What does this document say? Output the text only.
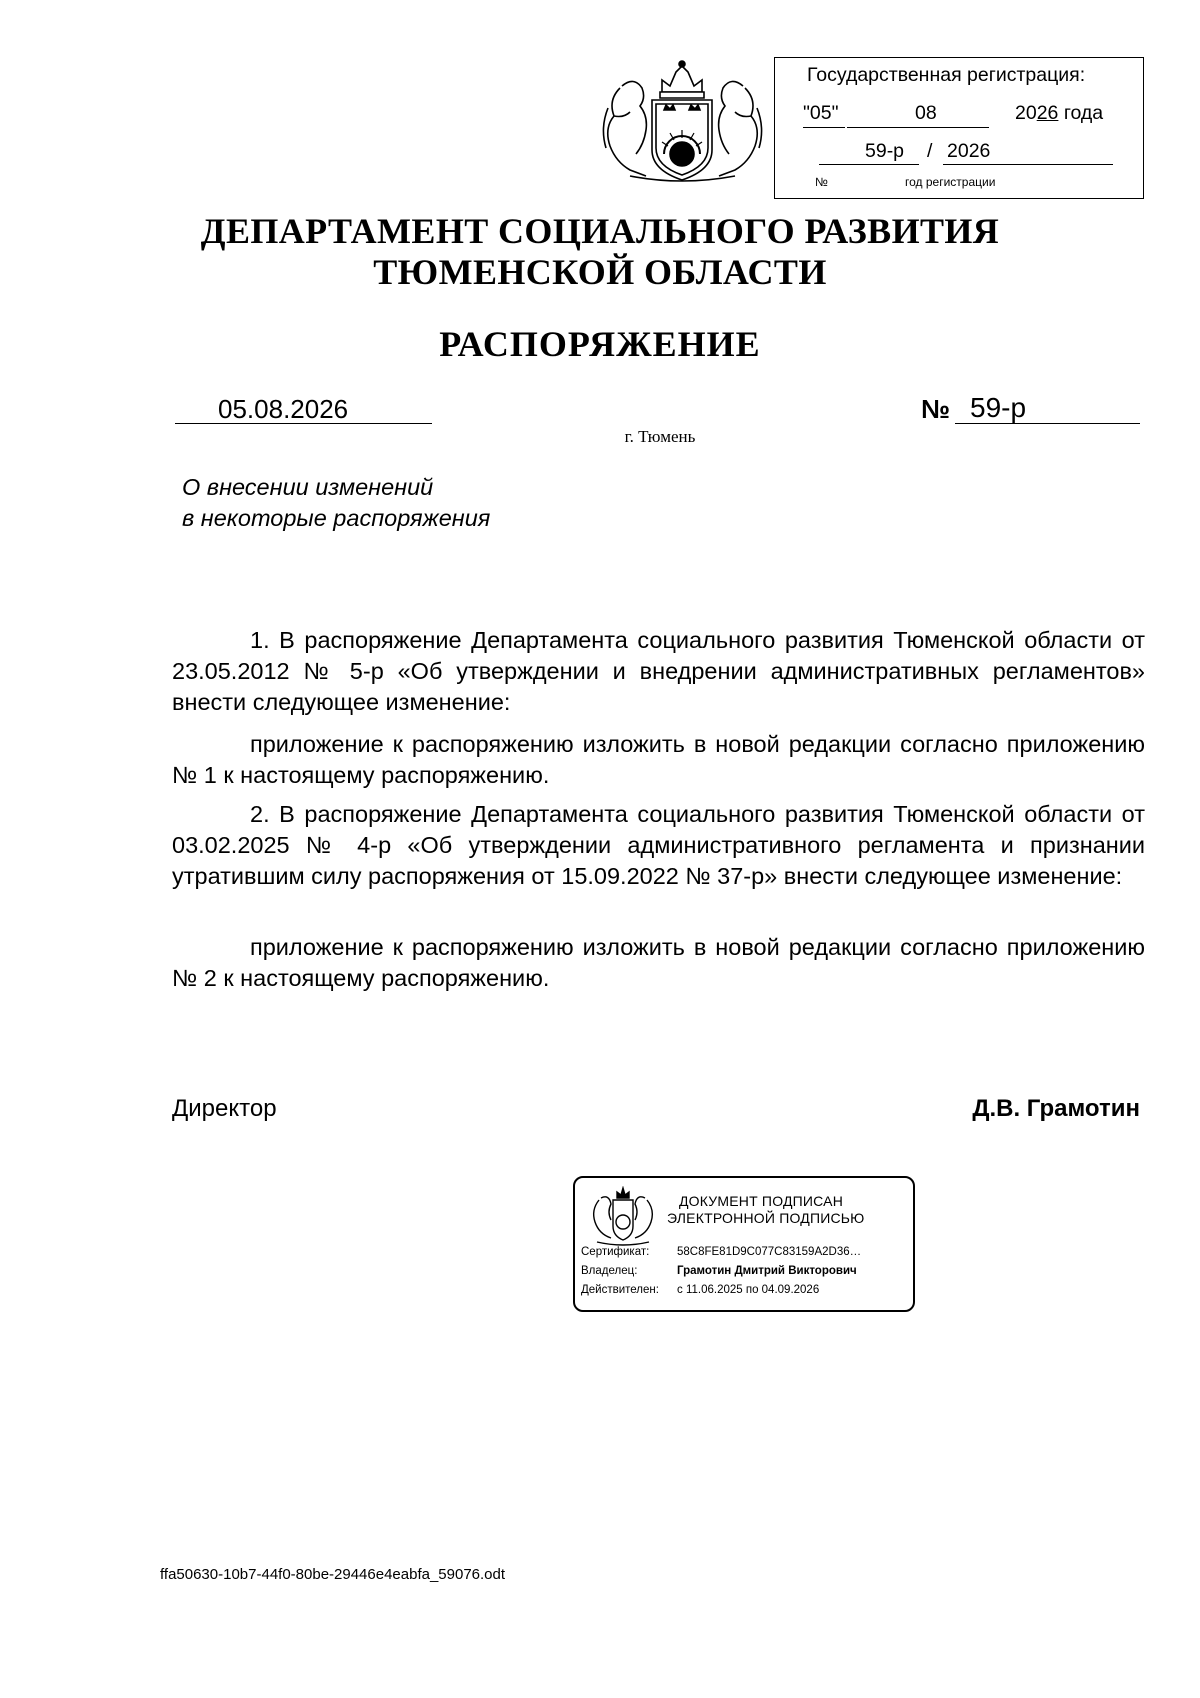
Государственная регистрация:
"05"	08	2026 года
59-р / 2026
№	год регистрации
ДЕПАРТАМЕНТ СОЦИАЛЬНОГО РАЗВИТИЯ
ТЮМЕНСКОЙ ОБЛАСТИ
РАСПОРЯЖЕНИЕ
05.08.2026	№ 59-р
г. Тюмень
О внесении изменений
в некоторые распоряжения
1. В распоряжение Департамента социального развития Тюменской области от 23.05.2012 № 5-р «Об утверждении и внедрении административных регламентов» внести следующее изменение:
приложение к распоряжению изложить в новой редакции согласно приложению № 1 к настоящему распоряжению.
2. В распоряжение Департамента социального развития Тюменской области от 03.02.2025 № 4-р «Об утверждении административного регламента и признании утратившим силу распоряжения от 15.09.2022 № 37-р» внести следующее изменение:
приложение к распоряжению изложить в новой редакции согласно приложению № 2 к настоящему распоряжению.
Директор	Д.В. Грамотин
ДОКУМЕНТ ПОДПИСАН
ЭЛЕКТРОННОЙ ПОДПИСЬЮ
Сертификат: 58C8FE81D9C077C83159A2D36…
Владелец:	Грамотин Дмитрий Викторович
Действителен: с 11.06.2025 по 04.09.2026
ffa50630-10b7-44f0-80be-29446e4eabfa_59076.odt
